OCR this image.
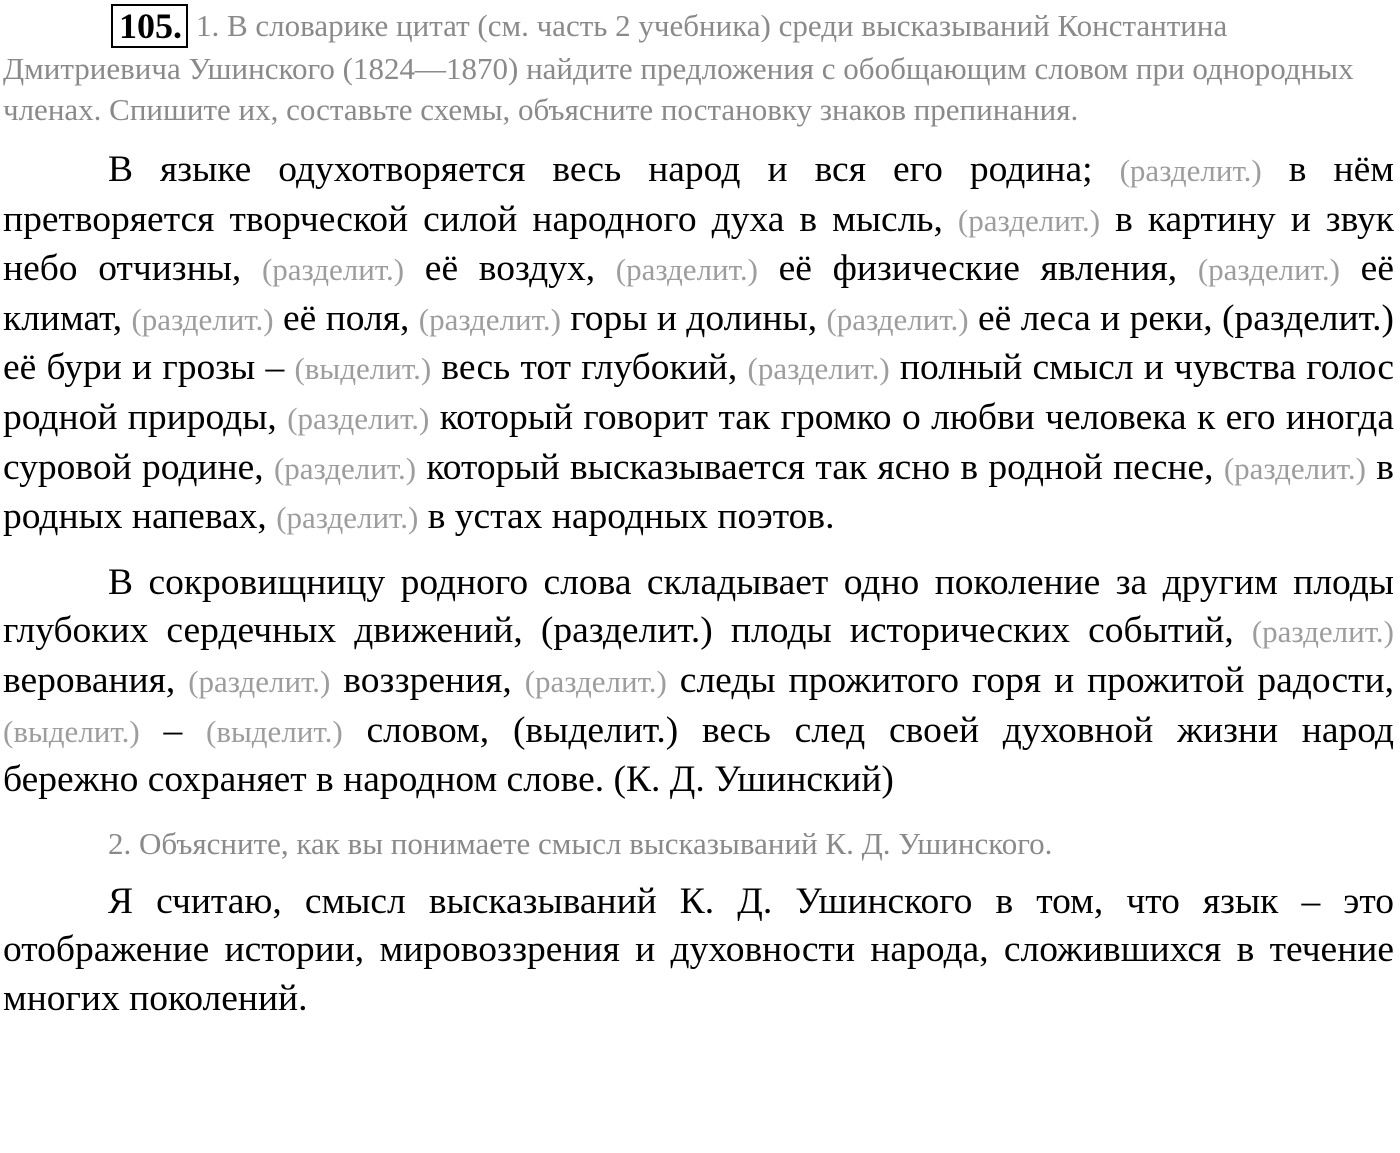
105. 1. В словарике цитат (см. часть 2 учебника) среди высказываний Константина Дмитриевича Ушинского (1824—1870) найдите предложения с обобщающим словом при однородных членах. Спишите их, составьте схемы, объясните постановку знаков препинания.

В языке одухотворяется весь народ и вся его родина; (разделит.) в нём претворяется творческой силой народного духа в мысль, (разделит.) в картину и звук небо отчизны, (разделит.) её воздух, (разделит.) её физические явления, (разделит.) её климат, (разделит.) её поля, (разделит.) горы и долины, (разделит.) её леса и реки, (разделит.) её бури и грозы – (выделит.) весь тот глубокий, (разделит.) полный смысл и чувства голос родной природы, (разделит.) который говорит так громко о любви человека к его иногда суровой родине, (разделит.) который высказывается так ясно в родной песне, (разделит.) в родных напевах, (разделит.) в устах народных поэтов.

В сокровищницу родного слова складывает одно поколение за другим плоды глубоких сердечных движений, (разделит.) плоды исторических событий, (разделит.) верования, (разделит.) воззрения, (разделит.) следы прожитого горя и прожитой радости, (выделит.) – (выделит.) словом, (выделит.) весь след своей духовной жизни народ бережно сохраняет в народном слове. (К. Д. Ушинский)

2. Объясните, как вы понимаете смысл высказываний К. Д. Ушинского.

Я считаю, смысл высказываний К. Д. Ушинского в том, что язык – это отображение истории, мировоззрения и духовности народа, сложившихся в течение многих поколений.
